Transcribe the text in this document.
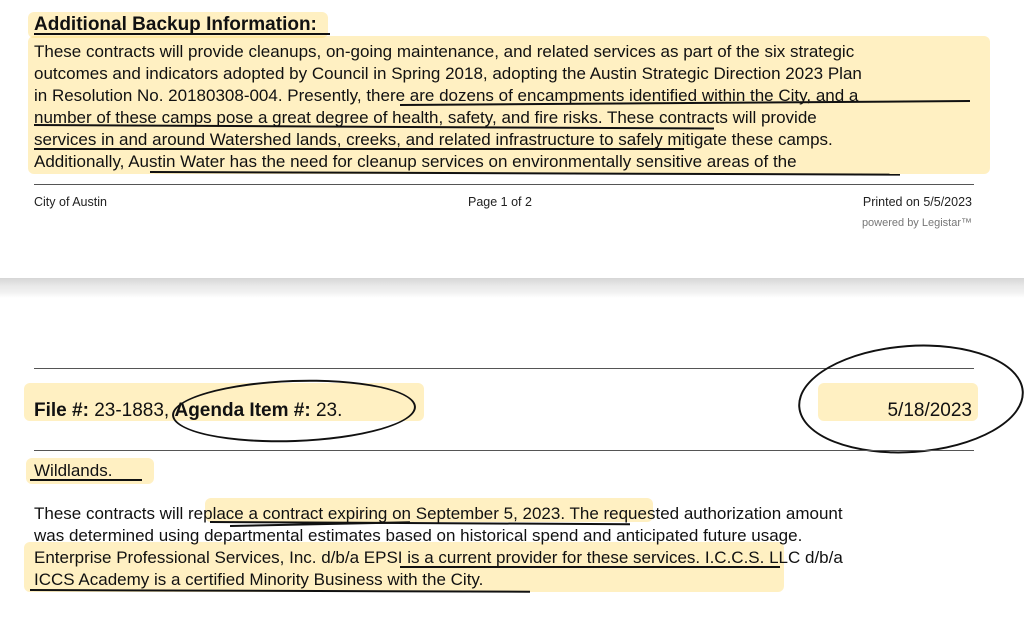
Additional Backup Information:
These contracts will provide cleanups, on-going maintenance, and related services as part of the six strategic
outcomes and indicators adopted by Council in Spring 2018, adopting the Austin Strategic Direction 2023 Plan
in Resolution No. 20180308-004. Presently, there are dozens of encampments identified within the City, and a
number of these camps pose a great degree of health, safety, and fire risks. These contracts will provide
services in and around Watershed lands, creeks, and related infrastructure to safely mitigate these camps.
Additionally, Austin Water has the need for cleanup services on environmentally sensitive areas of the
City of Austin	Page 1 of 2	Printed on 5/5/2023
powered by Legistar™
File #: 23-1883, Agenda Item #: 23.	5/18/2023
Wildlands.
These contracts will replace a contract expiring on September 5, 2023. The requested authorization amount
was determined using departmental estimates based on historical spend and anticipated future usage.
Enterprise Professional Services, Inc. d/b/a EPSI is a current provider for these services. I.C.C.S. LLC d/b/a
ICCS Academy is a certified Minority Business with the City.
